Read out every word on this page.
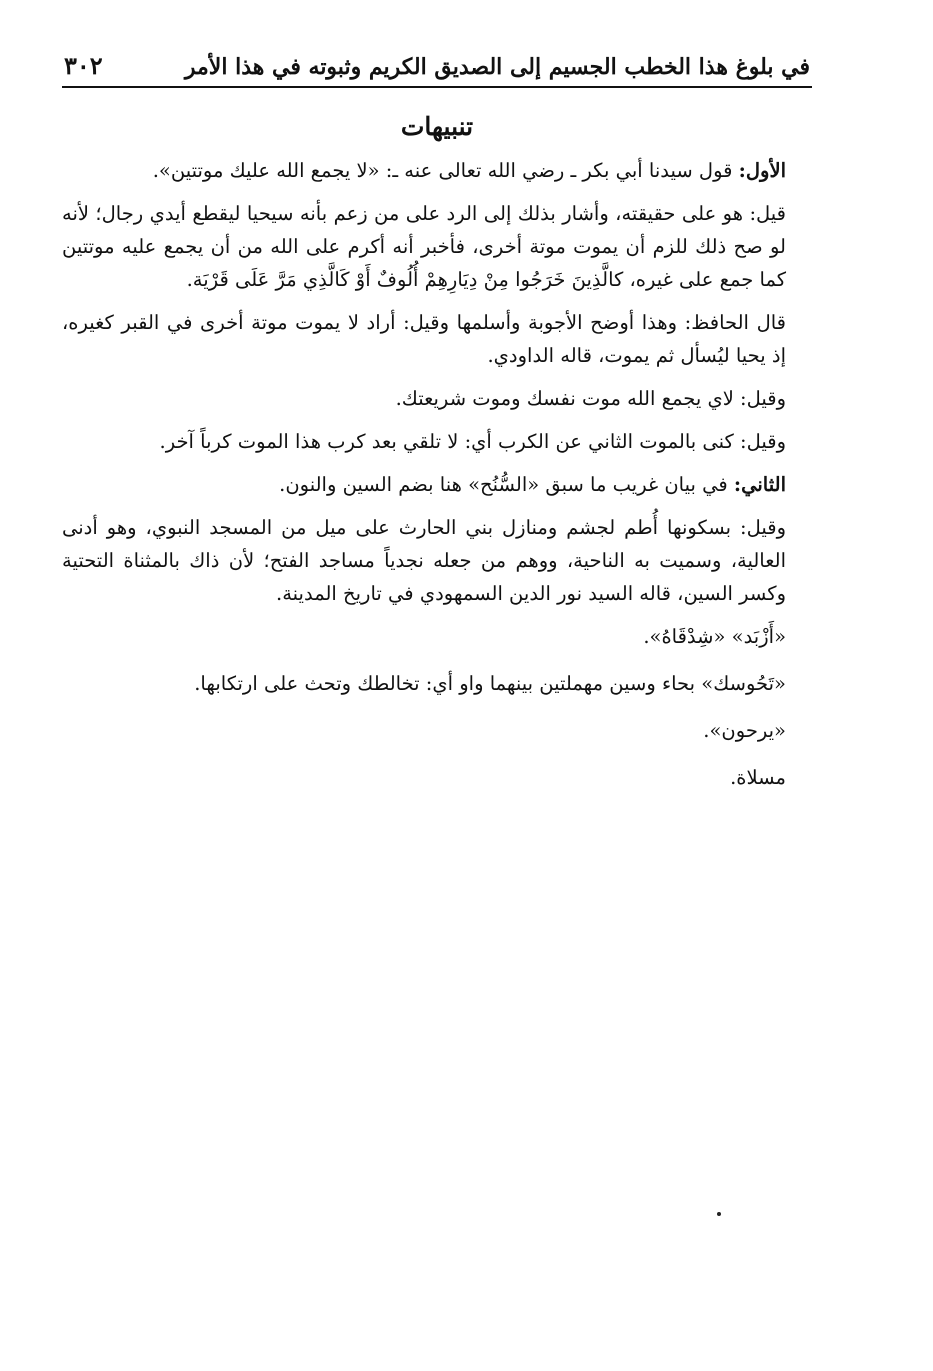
في بلوغ هذا الخطب الجسيم إلى الصديق الكريم وثبوته في هذا الأمر
٣٠٢
تنبيهات

الأول: قول سيدنا أبي بكر ـ رضي الله تعالى عنه ـ: «لا يجمع الله عليك موتتين».

قيل: هو على حقيقته، وأشار بذلك إلى الرد على من زعم بأنه سيحيا ليقطع أيدي رجال؛ لأنه لو صح ذلك للزم أن يموت موتة أخرى، فأخبر أنه أكرم على الله من أن يجمع عليه موتتين كما جمع على غيره، كالَّذِينَ خَرَجُوا مِنْ دِيَارِهِمْ أُلُوفٌ أَوْ كَالَّذِي مَرَّ عَلَى قَرْيَة.

قال الحافظ: وهذا أوضح الأجوبة وأسلمها وقيل: أراد لا يموت موتة أخرى في القبر كغيره، إذ يحيا ليُسأل ثم يموت، قاله الداودي.

وقيل: لاي يجمع الله موت نفسك وموت شريعتك.

وقيل: كنى بالموت الثاني عن الكرب أي: لا تلقي بعد كرب هذا الموت كرباً آخر.

الثاني: في بيان غريب ما سبق «السُّنُح» هنا بضم السين والنون.

وقيل: بسكونها أُطم لجشم ومنازل بني الحارث على ميل من المسجد النبوي، وهو أدنى العالية، وسميت به الناحية، ووهم من جعله نجدياً مساجد الفتح؛ لأن ذاك بالمثناة التحتية وكسر السين، قاله السيد نور الدين السمهودي في تاريخ المدينة.

«أَزْبَد» «شِدْقَاهُ».

«تَحُوسك» بحاء وسين مهملتين بينهما واو أي: تخالطك وتحث على ارتكابها.

«يرحون».

مسلاة.
